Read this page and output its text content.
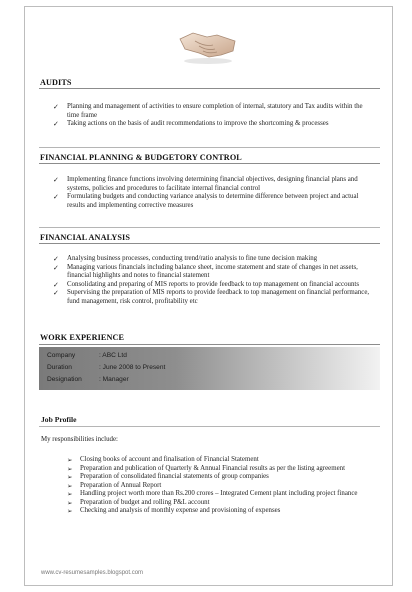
AUDITS
✓ Planning and management of activities to ensure completion of internal, statutory and Tax audits within the time frame
✓ Taking actions on the basis of audit recommendations to improve the shortcoming & processes
FINANCIAL PLANNING & BUDGETORY CONTROL
✓ Implementing finance functions involving determining financial objectives, designing financial plans and systems, policies and procedures to facilitate internal financial control
✓ Formulating budgets and conducting variance analysis to determine difference between project and actual results and implementing corrective measures
FINANCIAL ANALYSIS
✓ Analysing business processes, conducting trend/ratio analysis to fine tune decision making
✓ Managing various financials including balance sheet, income statement and state of changes in net assets, financial highlights and notes to financial statement
✓ Consolidating and preparing of MIS reports to provide feedback to top management on financial accounts
✓ Supervising the preparation of MIS reports to provide feedback to top management on financial performance, fund management, risk control, profitability etc
WORK EXPERIENCE
Company	: ABC Ltd
Duration	: June 2008 to Present
Designation	: Manager
Job Profile
My responsibilities include:
➢ Closing books of account and finalisation of Financial Statement
➢ Preparation and publication of Quarterly & Annual Financial results as per the listing agreement
➢ Preparation of consolidated financial statements of group companies
➢ Preparation of Annual Report
➢ Handling project worth more than Rs.200 crores – Integrated Cement plant including project finance
➢ Preparation of budget and rolling P&L account
➢ Checking and analysis of monthly expense and provisioning of expenses
www.cv-resumesamples.blogspot.com
